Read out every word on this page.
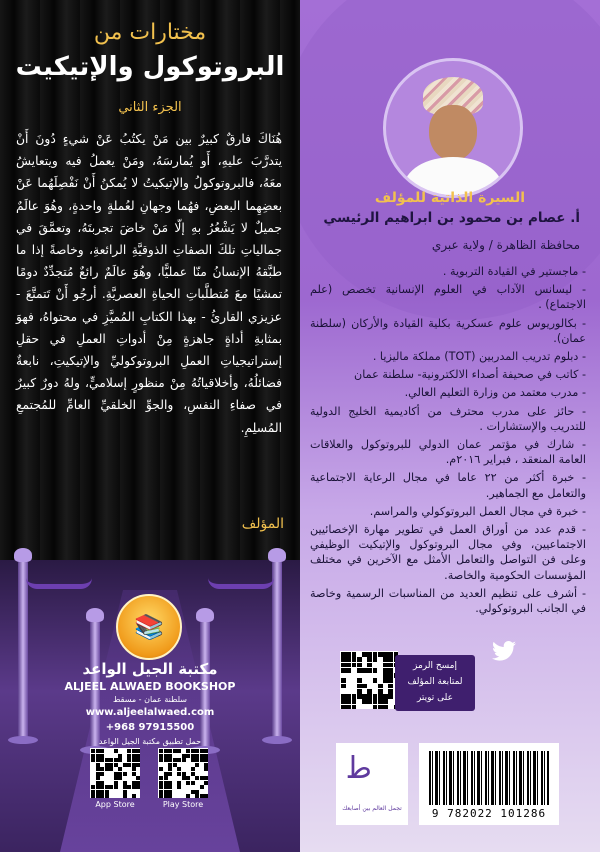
مختارات من
البروتوكول والإتيكيت
الجزء الثاني
هُنَاكَ فارقٌ كبيرٌ بين مَنْ يكتُبُ عَنْ شيءٍ دُونَ أَنْ يتدرَّبَ عليهِ، أَو يُمارسَهُ، ومَنْ يعملُ فيه ويتعايشُ معَهُ، فالبروتوكولُ والإتيكيتُ لا يُمكنُ أَنْ نَفْصِلَهُما عَنْ بعضِهِما البعضِ، فهُما وجهانِ لعُملةٍ واحدةٍ، وهُوَ عالَمٌ جميلٌ لا يَشْعُرُ بهِ إلّا مَنْ خاضَ تجربتَهُ، وتعمَّقَ في جمالياتِ تلكَ الصفاتِ الذوقيَّةِ الرائعةِ، وخاصةً إذا ما طبَّقهُ الإنسانُ منّا عمليًّا، وهُوَ عالَمٌ رائعٌ مُتجدِّدٌ دومًا تمشيًا معَ مُتطلَّباتِ الحياةِ العصريَّةِ. أرجُو أَنْ تَتمتَّعَ - عزيزي القارئُ - بهذا الكتابِ المُميَّزِ في محتواهُ، فهوَ بمثابةِ أداةٍ جاهزةٍ مِنْ أدواتِ العملِ في حقلِ إستراتيجياتِ العملِ البروتوكوليِّ والإتيكيتِ، نابعةٌ فضائلُهُ، وأخلاقياتُهُ مِنْ منظورٍ إسلاميٍّ، ولهُ دورٌ كبيرٌ في صفاءِ النفسِ، والجوِّ الخلقيِّ العامِّ للمُجتمعِ المُسلِمِ.
المؤلف
📚
مكتبة الجيل الواعد
ALJEEL ALWAED BOOKSHOP
سلطنة عمان - مسقط
www.aljeelalwaed.com
+968 97915500
حمل تطبيق مكتبة الجيل الواعد
App Store	Play Store
السيرة الذاتية للمؤلف
أ. عصام بن محمود بن ابراهيم الرئيسي
محافظة الظاهرة / ولاية عبري
- ماجستير في القيادة التربوية .
- ليسانس الآداب في العلوم الإنسانية تخصص (علم الاجتماع) .
- بكالوريوس علوم عسكرية بكلية القيادة والأركان (سلطنة عمان).
- دبلوم تدريب المدربين (TOT) مملكة ماليزيا .
- كاتب في صحيفة أصداء الالكترونية- سلطنة عمان
- مدرب معتمد من وزارة التعليم العالي.
- حائز على مدرب محترف من أكاديمية الخليج الدولية للتدريب والإستشارات .
- شارك في مؤتمر عمان الدولي للبروتوكول والعلاقات العامة المنعقد ، فبراير ٢٠١٦م.
- خبرة أكثر من ٢٢ عاما في مجال الرعاية الاجتماعية والتعامل مع الجماهير.
- خبرة في مجال العمل البروتوكولي والمراسم.
- قدم عدد من أوراق العمل في تطوير مهارة الإخصائيين الاجتماعيين، وفي مجال البروتوكول والإتيكيت الوظيفي وعلى فن التواصل والتعامل الأمثل مع الآخرين في مختلف المؤسسات الحكومية والخاصة.
- أشرف على تنظيم العديد من المناسبات الرسمية وخاصة في الجانب البروتوكولي.
إمسح الرمز
لمتابعة المؤلف
على تويتر
ﻃ
تجمل العالم بين أصابعك	9 782022 101286
